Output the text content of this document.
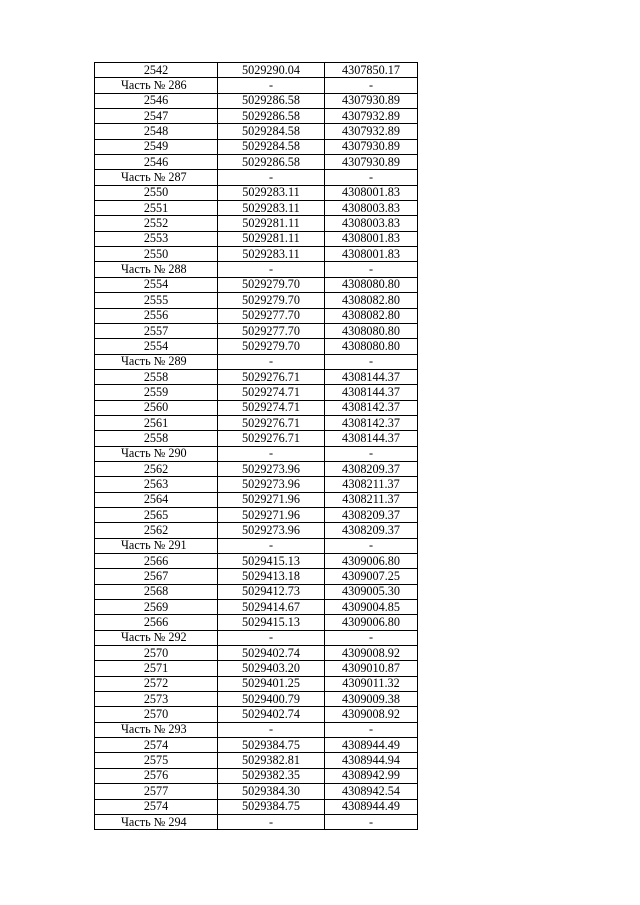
2542	5029290.04	4307850.17
Часть № 286	-	-
2546	5029286.58	4307930.89
2547	5029286.58	4307932.89
2548	5029284.58	4307932.89
2549	5029284.58	4307930.89
2546	5029286.58	4307930.89
Часть № 287	-	-
2550	5029283.11	4308001.83
2551	5029283.11	4308003.83
2552	5029281.11	4308003.83
2553	5029281.11	4308001.83
2550	5029283.11	4308001.83
Часть № 288	-	-
2554	5029279.70	4308080.80
2555	5029279.70	4308082.80
2556	5029277.70	4308082.80
2557	5029277.70	4308080.80
2554	5029279.70	4308080.80
Часть № 289	-	-
2558	5029276.71	4308144.37
2559	5029274.71	4308144.37
2560	5029274.71	4308142.37
2561	5029276.71	4308142.37
2558	5029276.71	4308144.37
Часть № 290	-	-
2562	5029273.96	4308209.37
2563	5029273.96	4308211.37
2564	5029271.96	4308211.37
2565	5029271.96	4308209.37
2562	5029273.96	4308209.37
Часть № 291	-	-
2566	5029415.13	4309006.80
2567	5029413.18	4309007.25
2568	5029412.73	4309005.30
2569	5029414.67	4309004.85
2566	5029415.13	4309006.80
Часть № 292	-	-
2570	5029402.74	4309008.92
2571	5029403.20	4309010.87
2572	5029401.25	4309011.32
2573	5029400.79	4309009.38
2570	5029402.74	4309008.92
Часть № 293	-	-
2574	5029384.75	4308944.49
2575	5029382.81	4308944.94
2576	5029382.35	4308942.99
2577	5029384.30	4308942.54
2574	5029384.75	4308944.49
Часть № 294	-	-
